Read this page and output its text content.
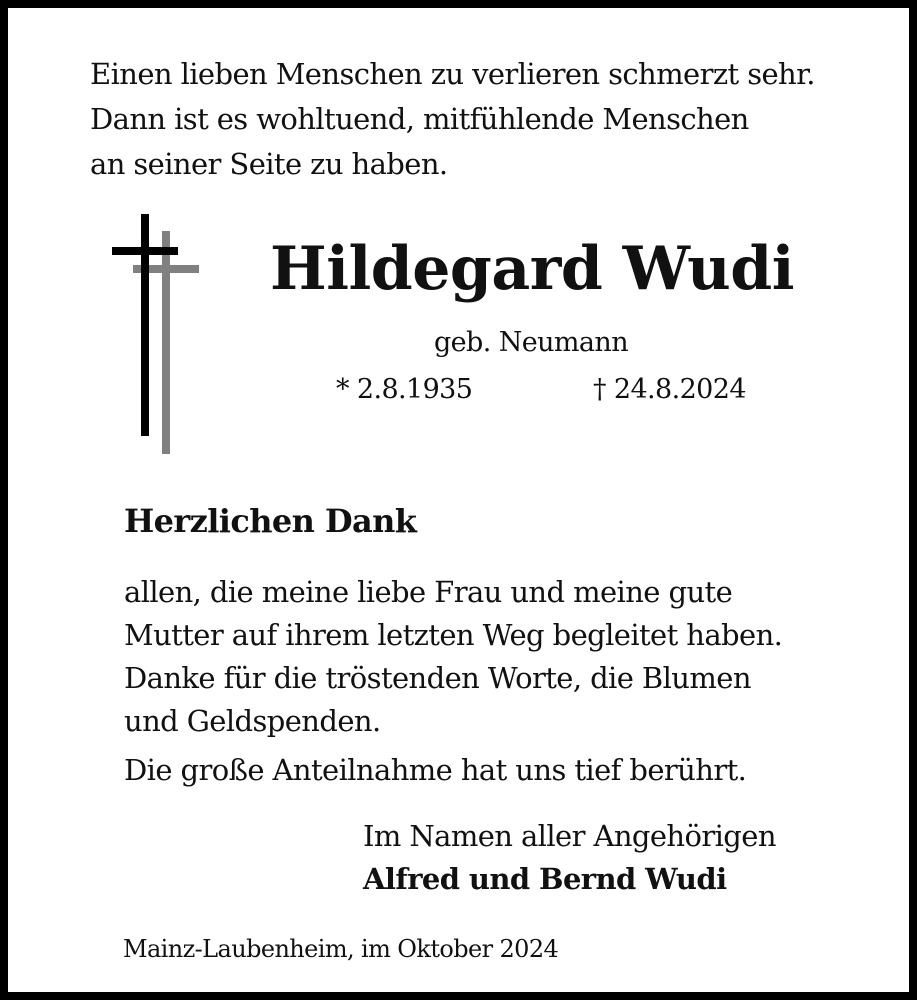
Einen lieben Menschen zu verlieren schmerzt sehr.
Dann ist es wohltuend, mitfühlende Menschen
an seiner Seite zu haben.
Hildegard Wudi
geb. Neumann
* 2.8.1935	† 24.8.2024
Herzlichen Dank
allen, die meine liebe Frau und meine gute
Mutter auf ihrem letzten Weg begleitet haben.
Danke für die tröstenden Worte, die Blumen
und Geldspenden.
Die große Anteilnahme hat uns tief berührt.
Im Namen aller Angehörigen
Alfred und Bernd Wudi
Mainz-Laubenheim, im Oktober 2024
